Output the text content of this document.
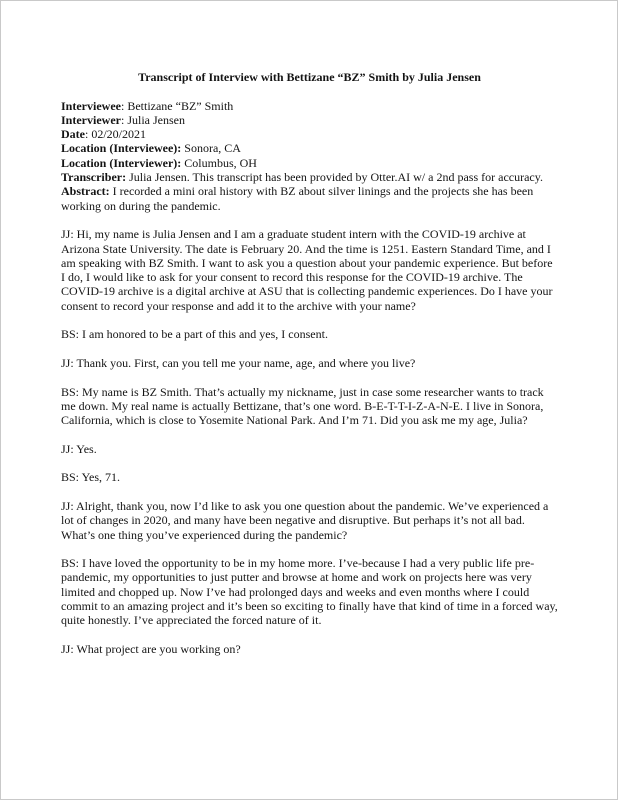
Transcript of Interview with Bettizane “BZ” Smith by Julia Jensen

Interviewee: Bettizane “BZ” Smith

Interviewer: Julia Jensen

Date: 02/20/2021

Location (Interviewee): Sonora, CA

Location (Interviewer): Columbus, OH

Transcriber: Julia Jensen. This transcript has been provided by Otter.AI w/ a 2nd pass for accuracy.

Abstract: I recorded a mini oral history with BZ about silver linings and the projects she has been working on during the pandemic.

JJ: Hi, my name is Julia Jensen and I am a graduate student intern with the COVID-19 archive at Arizona State University. The date is February 20. And the time is 1251. Eastern Standard Time, and I am speaking with BZ Smith. I want to ask you a question about your pandemic experience. But before I do, I would like to ask for your consent to record this response for the COVID-19 archive. The COVID-19 archive is a digital archive at ASU that is collecting pandemic experiences. Do I have your consent to record your response and add it to the archive with your name?

BS: I am honored to be a part of this and yes, I consent.

JJ: Thank you. First, can you tell me your name, age, and where you live?

BS: My name is BZ Smith. That’s actually my nickname, just in case some researcher wants to track me down. My real name is actually Bettizane, that’s one word. B-E-T-T-I-Z-A-N-E. I live in Sonora, California, which is close to Yosemite National Park. And I’m 71. Did you ask me my age, Julia?

JJ: Yes.

BS: Yes, 71.

JJ: Alright, thank you, now I’d like to ask you one question about the pandemic. We’ve experienced a lot of changes in 2020, and many have been negative and disruptive. But perhaps it’s not all bad. What’s one thing you’ve experienced during the pandemic?

BS: I have loved the opportunity to be in my home more. I’ve-because I had a very public life pre-pandemic, my opportunities to just putter and browse at home and work on projects here was very limited and chopped up. Now I’ve had prolonged days and weeks and even months where I could commit to an amazing project and it’s been so exciting to finally have that kind of time in a forced way, quite honestly. I’ve appreciated the forced nature of it.

JJ: What project are you working on?
